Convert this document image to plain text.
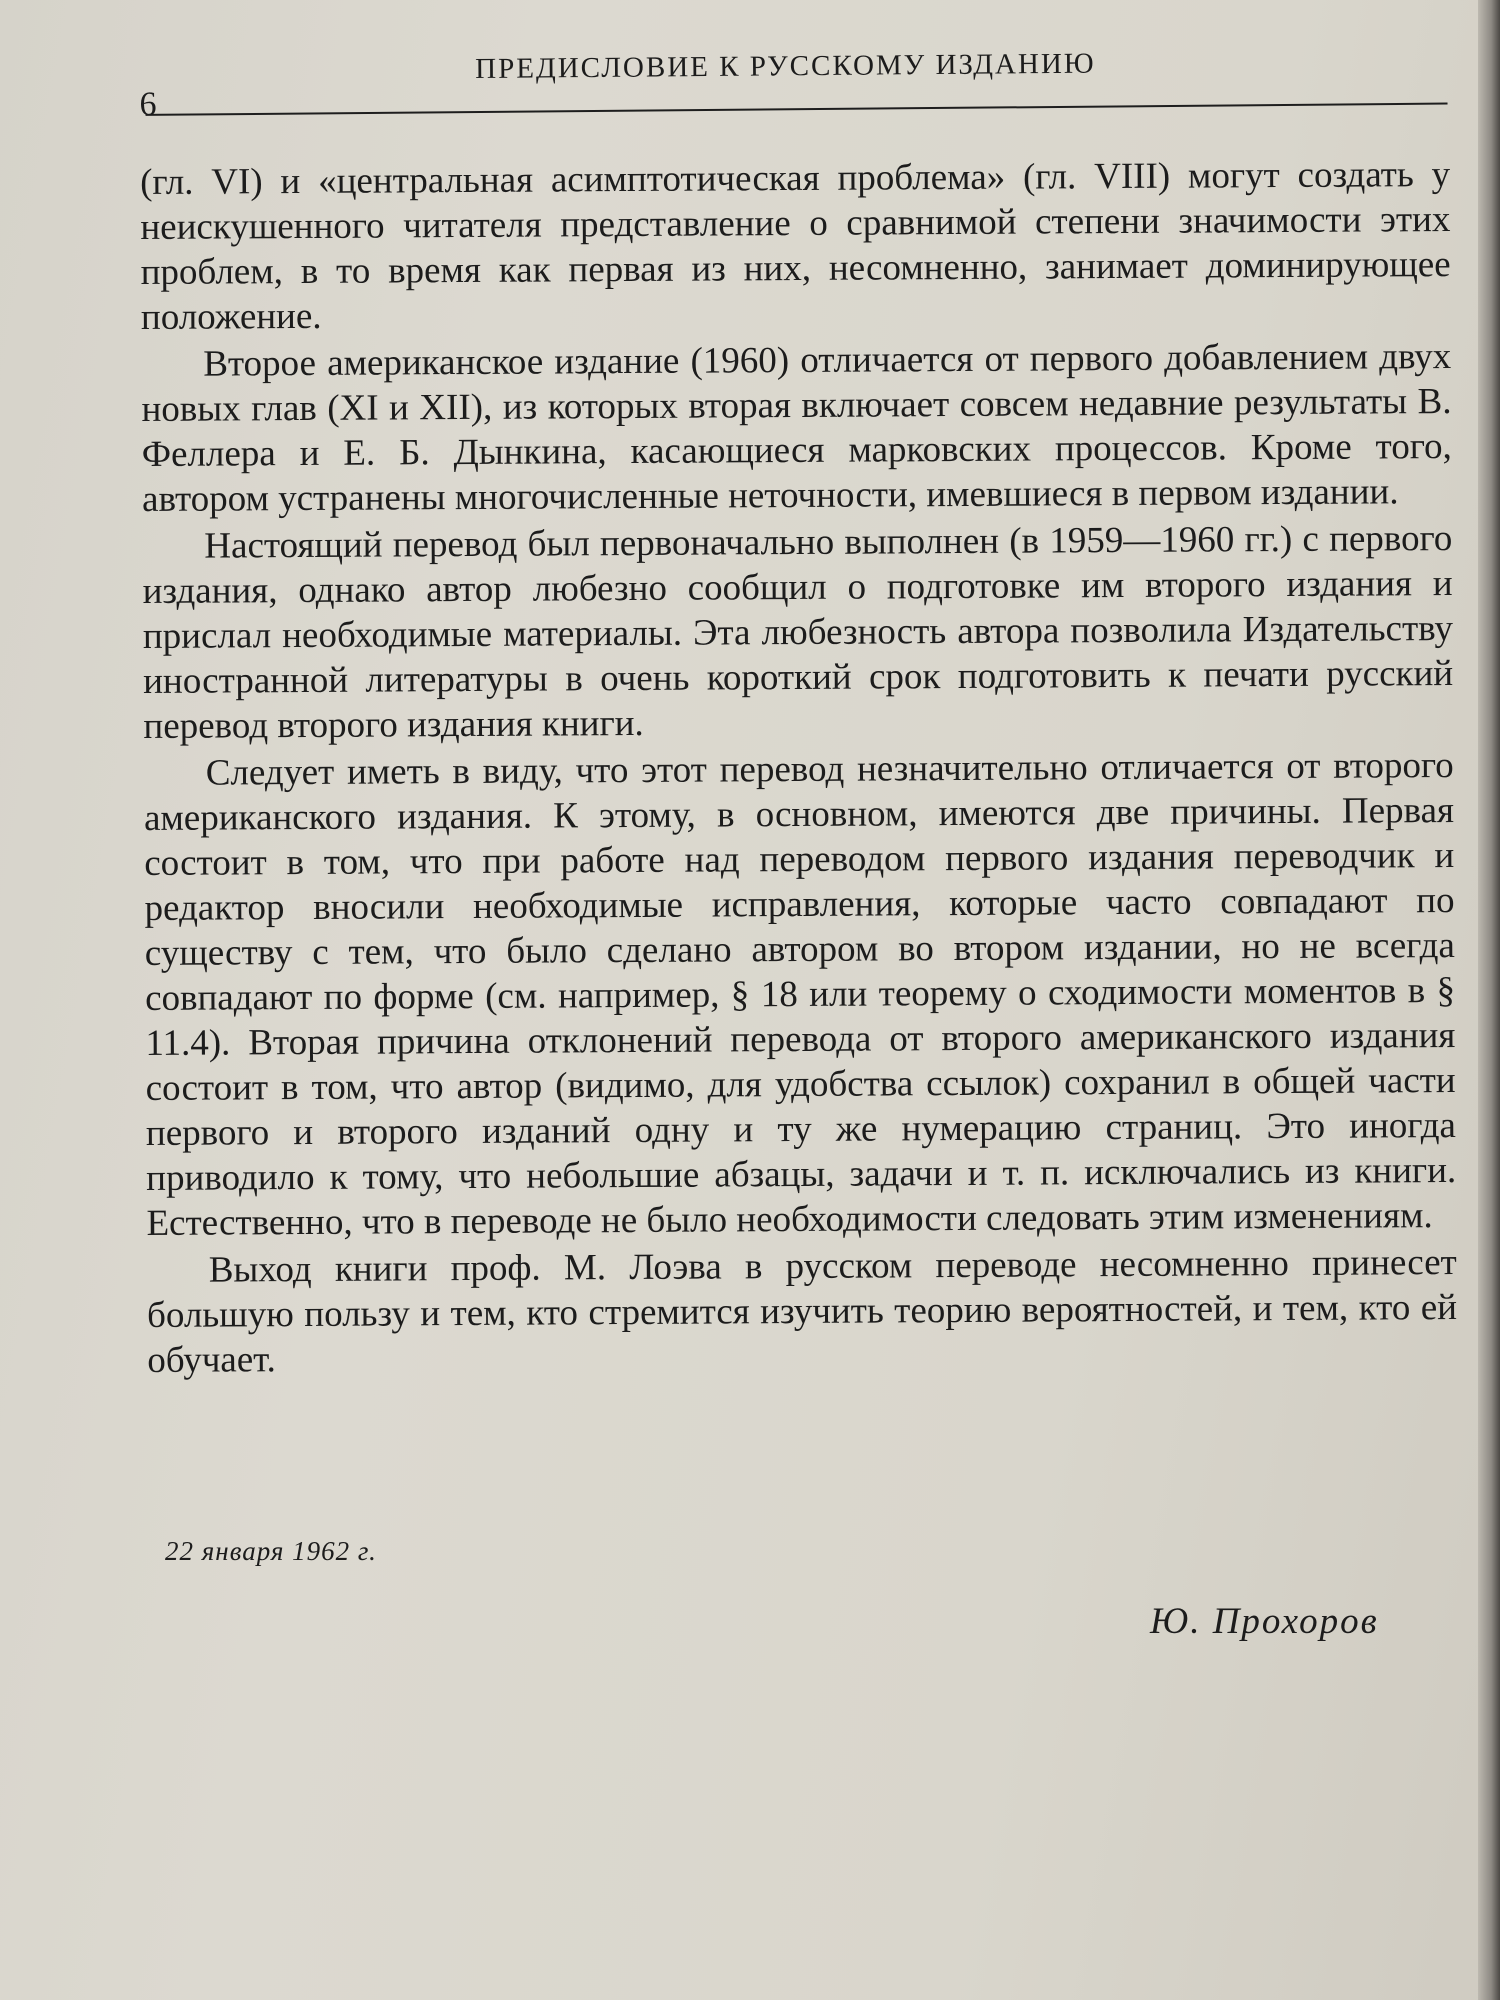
6
ПРЕДИСЛОВИЕ К РУССКОМУ ИЗДАНИЮ

(гл. VI) и «центральная асимптотическая проблема» (гл. VIII) могут создать у неискушенного читателя представление о сравнимой степени значимости этих проблем, в то время как первая из них, несомненно, занимает доминирующее положение.

Второе американское издание (1960) отличается от первого добавлением двух новых глав (XI и XII), из которых вторая включает совсем недавние результаты В. Феллера и Е. Б. Дынкина, касающиеся марковских процессов. Кроме того, автором устранены многочисленные неточности, имевшиеся в первом издании.

Настоящий перевод был первоначально выполнен (в 1959—1960 гг.) с первого издания, однако автор любезно сообщил о подготовке им второго издания и прислал необходимые материалы. Эта любезность автора позволила Издательству иностранной литературы в очень короткий срок подготовить к печати русский перевод второго издания книги.

Следует иметь в виду, что этот перевод незначительно отличается от второго американского издания. К этому, в основном, имеются две причины. Первая состоит в том, что при работе над переводом первого издания переводчик и редактор вносили необходимые исправления, которые часто совпадают по существу с тем, что было сделано автором во втором издании, но не всегда совпадают по форме (см. например, § 18 или теорему о сходимости моментов в § 11.4). Вторая причина отклонений перевода от второго американского издания состоит в том, что автор (видимо, для удобства ссылок) сохранил в общей части первого и второго изданий одну и ту же нумерацию страниц. Это иногда приводило к тому, что небольшие абзацы, задачи и т. п. исключались из книги. Естественно, что в переводе не было необходимости следовать этим изменениям.

Выход книги проф. М. Лоэва в русском переводе несомненно принесет большую пользу и тем, кто стремится изучить теорию вероятностей, и тем, кто ей обучает.

22 января 1962 г.
Ю. Прохоров
